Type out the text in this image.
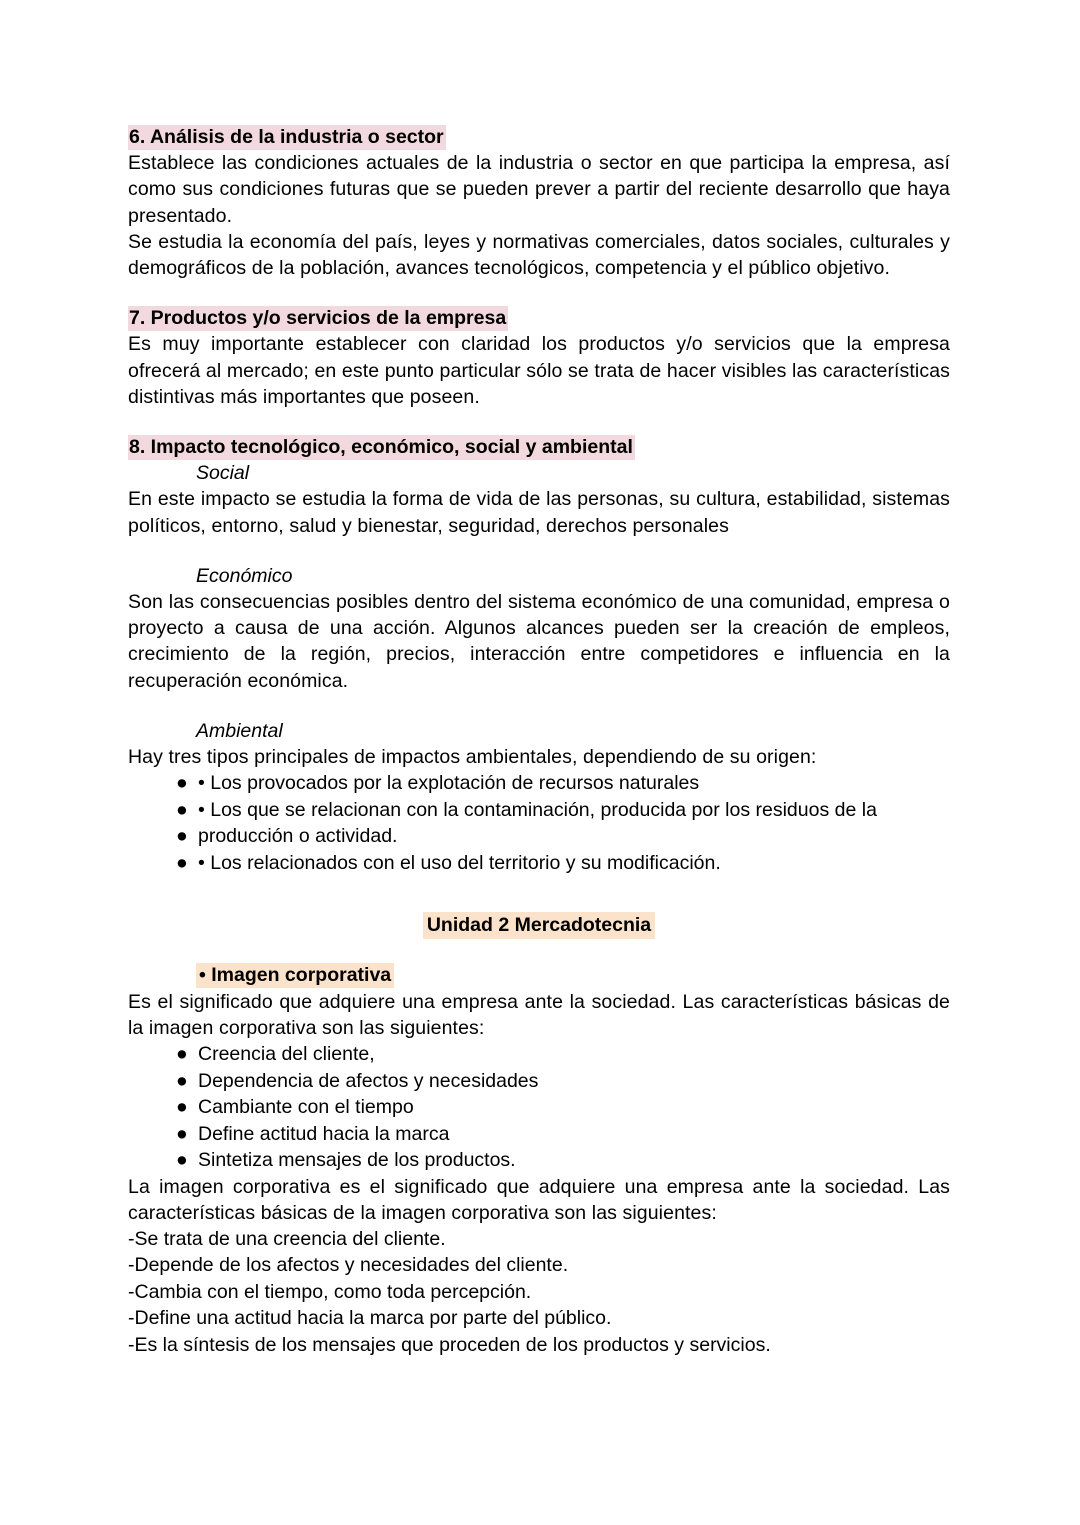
6. Análisis de la industria o sector

Establece las condiciones actuales de la industria o sector en que participa la empresa, así como sus condiciones futuras que se pueden prever a partir del reciente desarrollo que haya presentado.

Se estudia la economía del país, leyes y normativas comerciales, datos sociales, culturales y demográficos de la población, avances tecnológicos, competencia y el público objetivo.

7. Productos y/o servicios de la empresa

Es muy importante establecer con claridad los productos y/o servicios que la empresa ofrecerá al mercado; en este punto particular sólo se trata de hacer visibles las características distintivas más importantes que poseen.

8. Impacto tecnológico, económico, social y ambiental

Social

En este impacto se estudia la forma de vida de las personas, su cultura, estabilidad, sistemas políticos, entorno, salud y bienestar, seguridad, derechos personales

Económico

Son las consecuencias posibles dentro del sistema económico de una comunidad, empresa o proyecto a causa de una acción. Algunos alcances pueden ser la creación de empleos, crecimiento de la región, precios, interacción entre competidores e influencia en la recuperación económica.

Ambiental

Hay tres tipos principales de impactos ambientales, dependiendo de su origen:

● • Los provocados por la explotación de recursos naturales
● • Los que se relacionan con la contaminación, producida por los residuos de la
● producción o actividad.
● • Los relacionados con el uso del territorio y su modificación.

Unidad 2 Mercadotecnia

• Imagen corporativa

Es el significado que adquiere una empresa ante la sociedad. Las características básicas de la imagen corporativa son las siguientes:

● Creencia del cliente,
● Dependencia de afectos y necesidades
● Cambiante con el tiempo
● Define actitud hacia la marca
● Sintetiza mensajes de los productos.

La imagen corporativa es el significado que adquiere una empresa ante la sociedad. Las características básicas de la imagen corporativa son las siguientes:

-Se trata de una creencia del cliente.

-Depende de los afectos y necesidades del cliente.

-Cambia con el tiempo, como toda percepción.

-Define una actitud hacia la marca por parte del público.

-Es la síntesis de los mensajes que proceden de los productos y servicios.
